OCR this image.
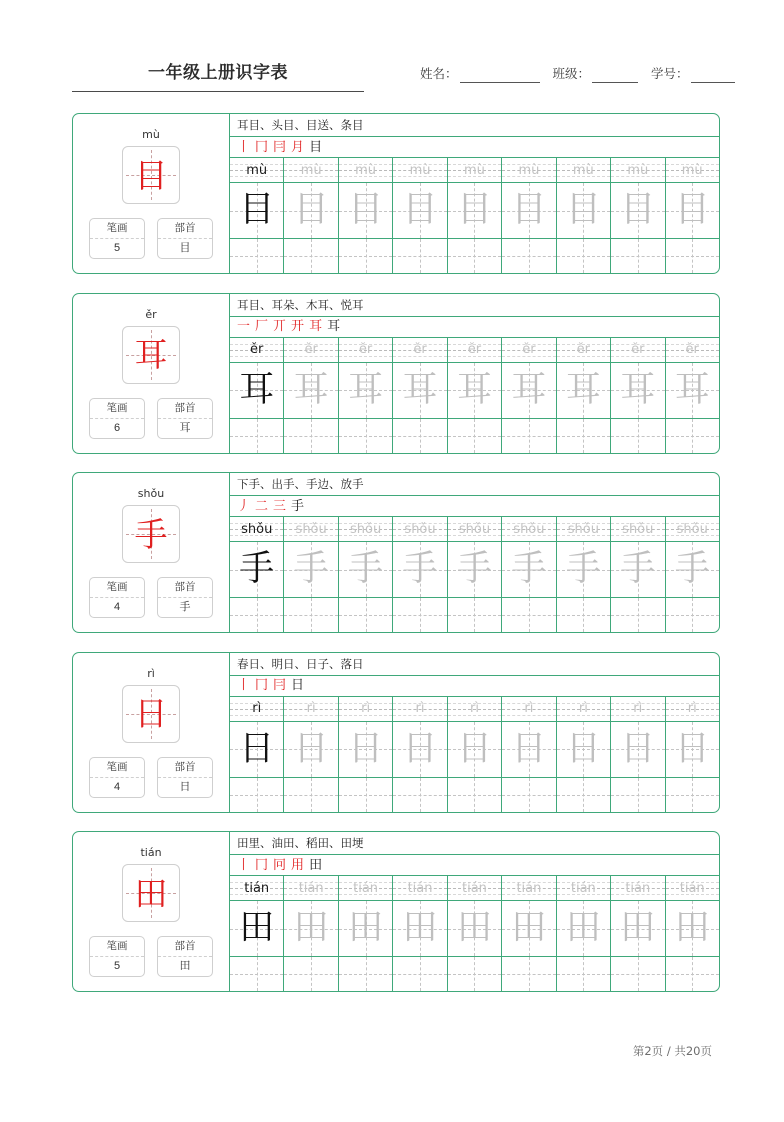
一年级上册识字表	姓名：	班级：	学号：
mù
目
笔画
5
部首
目
耳目、头目、目送、条目
丨 冂 冃 月 目
mù	mù	mù	mù	mù	mù	mù	mù	mù
目 目 目 目 目 目 目 目 目
ěr
耳
笔画
6
部首
耳
耳目、耳朵、木耳、悦耳
一 厂 丌 开 耳 耳
ěr	ěr	ěr	ěr	ěr	ěr	ěr	ěr	ěr
耳 耳 耳 耳 耳 耳 耳 耳 耳
shǒu
手
笔画
4
部首
手
下手、出手、手边、放手
丿 二 三 手
shǒu	shǒu	shǒu	shǒu	shǒu	shǒu	shǒu	shǒu	shǒu
手 手 手 手 手 手 手 手 手
rì
日
笔画
4
部首
日
春日、明日、日子、落日
丨 冂 冃 日
rì	rì	rì	rì	rì	rì	rì	rì	rì
日 日 日 日 日 日 日 日 日
tián
田
笔画
5
部首
田
田里、油田、稻田、田埂
丨 冂 冋 用 田
tián	tián	tián	tián	tián	tián	tián	tián	tián
田 田 田 田 田 田 田 田 田
第2页 / 共20页
